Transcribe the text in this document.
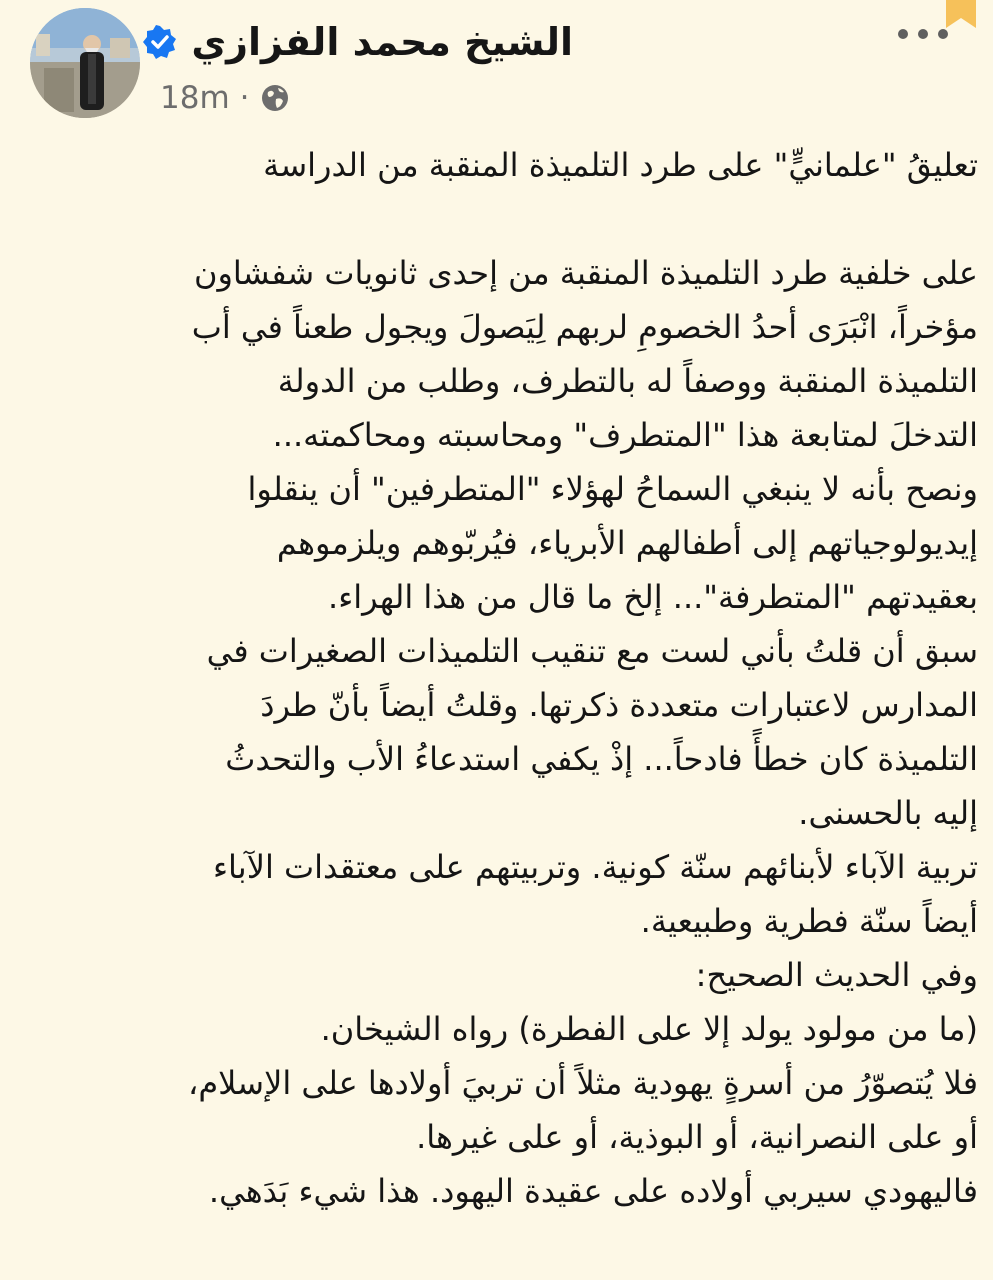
الشيخ محمد الفزازي
18m ·

تعليقُ "علمانيٍّ" على طرد التلميذة المنقبة من الدراسة

على خلفية طرد التلميذة المنقبة من إحدى ثانويات شفشاون

مؤخراً، انْبَرَى أحدُ الخصومِ لربهم لِيَصولَ ويجول طعناً في أب

التلميذة المنقبة ووصفاً له بالتطرف، وطلب من الدولة

التدخلَ لمتابعة هذا "المتطرف" ومحاسبته ومحاكمته...

ونصح بأنه لا ينبغي السماحُ لهؤلاء "المتطرفين" أن ينقلوا

إيديولوجياتهم إلى أطفالهم الأبرياء، فيُربّوهم ويلزموهم

بعقيدتهم "المتطرفة"... إلخ ما قال من هذا الهراء.

سبق أن قلتُ بأني لست مع تنقيب التلميذات الصغيرات في

المدارس لاعتبارات متعددة ذكرتها. وقلتُ أيضاً بأنّ طردَ

التلميذة كان خطأً فادحاً... إذْ يكفي استدعاءُ الأب والتحدثُ

إليه بالحسنى.

تربية الآباء لأبنائهم سنّة كونية. وتربيتهم على معتقدات الآباء

أيضاً سنّة فطرية وطبيعية.

وفي الحديث الصحيح:

(ما من مولود يولد إلا على الفطرة) رواه الشيخان.

فلا يُتصوّرُ من أسرةٍ يهودية مثلاً أن تربيَ أولادها على الإسلام،

أو على النصرانية، أو البوذية، أو على غيرها.

فاليهودي سيربي أولاده على عقيدة اليهود. هذا شيء بَدَهي.
